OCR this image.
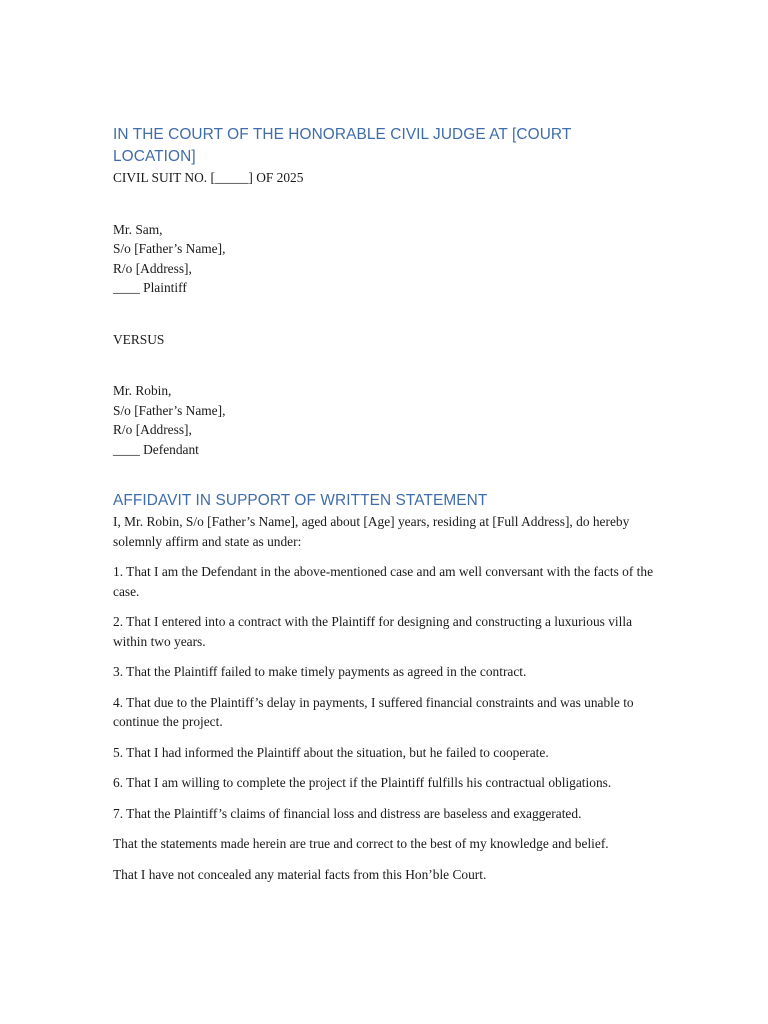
IN THE COURT OF THE HONORABLE CIVIL JUDGE AT [COURT LOCATION]

CIVIL SUIT NO. [_____] OF 2025

Mr. Sam,

S/o [Father’s Name],

R/o [Address],

____ Plaintiff

VERSUS

Mr. Robin,

S/o [Father’s Name],

R/o [Address],

____ Defendant

AFFIDAVIT IN SUPPORT OF WRITTEN STATEMENT

I, Mr. Robin, S/o [Father’s Name], aged about [Age] years, residing at [Full Address], do hereby solemnly affirm and state as under:

1. That I am the Defendant in the above-mentioned case and am well conversant with the facts of the case.

2. That I entered into a contract with the Plaintiff for designing and constructing a luxurious villa within two years.

3. That the Plaintiff failed to make timely payments as agreed in the contract.

4. That due to the Plaintiff’s delay in payments, I suffered financial constraints and was unable to continue the project.

5. That I had informed the Plaintiff about the situation, but he failed to cooperate.

6. That I am willing to complete the project if the Plaintiff fulfills his contractual obligations.

7. That the Plaintiff’s claims of financial loss and distress are baseless and exaggerated.

That the statements made herein are true and correct to the best of my knowledge and belief.

That I have not concealed any material facts from this Hon’ble Court.
